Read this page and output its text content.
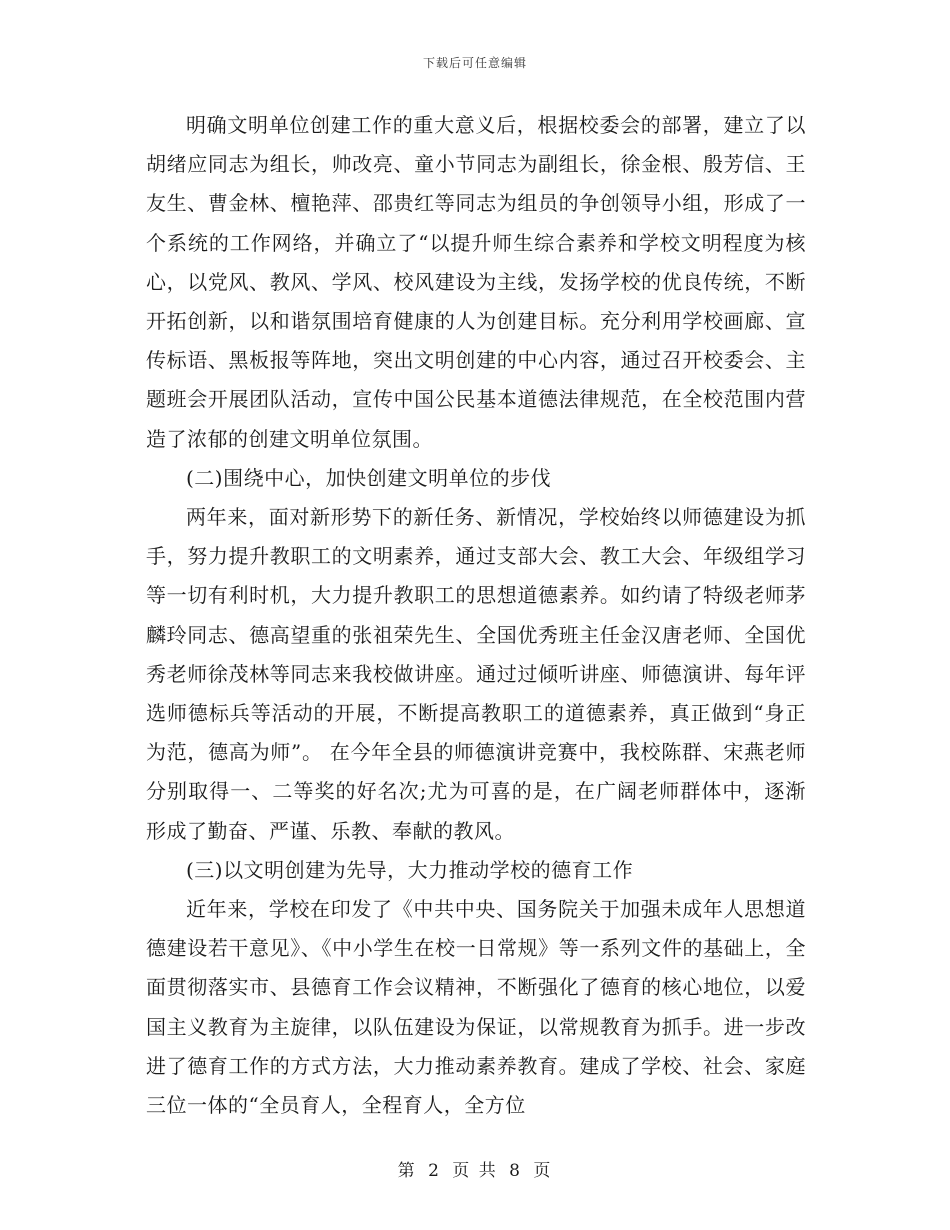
下载后可任意编辑

明确文明单位创建工作的重大意义后，根据校委会的部署，建立了以胡绪应同志为组长，帅改亮、童小节同志为副组长，徐金根、殷芳信、王友生、曹金林、檀艳萍、邵贵红等同志为组员的争创领导小组，形成了一个系统的工作网络，并确立了“以提升师生综合素养和学校文明程度为核心，以党风、教风、学风、校风建设为主线，发扬学校的优良传统，不断开拓创新，以和谐氛围培育健康的人为创建目标。充分利用学校画廊、宣传标语、黑板报等阵地，突出文明创建的中心内容，通过召开校委会、主题班会开展团队活动，宣传中国公民基本道德法律规范，在全校范围内营造了浓郁的创建文明单位氛围。

(二)围绕中心，加快创建文明单位的步伐

两年来，面对新形势下的新任务、新情况，学校始终以师德建设为抓手，努力提升教职工的文明素养，通过支部大会、教工大会、年级组学习等一切有利时机，大力提升教职工的思想道德素养。如约请了特级老师茅麟玲同志、德高望重的张祖荣先生、全国优秀班主任金汉唐老师、全国优秀老师徐茂林等同志来我校做讲座。通过过倾听讲座、师德演讲、每年评选师德标兵等活动的开展，不断提高教职工的道德素养，真正做到“身正为范，德高为师”。 在今年全县的师德演讲竞赛中，我校陈群、宋燕老师分别取得一、二等奖的好名次;尤为可喜的是，在广阔老师群体中，逐渐形成了勤奋、严谨、乐教、奉献的教风。

(三)以文明创建为先导，大力推动学校的德育工作

近年来，学校在印发了《中共中央、国务院关于加强未成年人思想道德建设若干意见》、《中小学生在校一日常规》等一系列文件的基础上，全面贯彻落实市、县德育工作会议精神，不断强化了德育的核心地位，以爱国主义教育为主旋律，以队伍建设为保证，以常规教育为抓手。进一步改进了德育工作的方式方法，大力推动素养教育。建成了学校、社会、家庭三位一体的“全员育人，全程育人，全方位

第 2 页 共 8 页
